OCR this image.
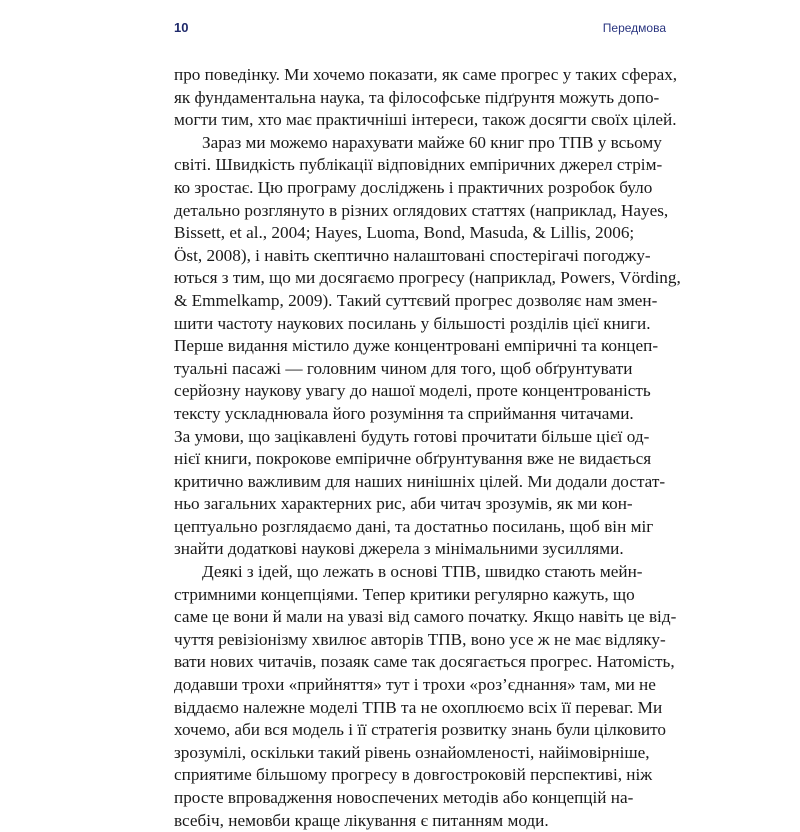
10	Передмова
про поведінку. Ми хочемо показати, як саме прогрес у таких сферах,
як фундаментальна наука, та філософське підґрунтя можуть допо-
могти тим, хто має практичніші інтереси, також досягти своїх цілей.
Зараз ми можемо нарахувати майже 60 книг про ТПВ у всьому
світі. Швидкість публікації відповідних емпіричних джерел стрім-
ко зростає. Цю програму досліджень і практичних розробок було
детально розглянуто в різних оглядових статтях (наприклад, Hayes,
Bissett, et al., 2004; Hayes, Luoma, Bond, Masuda, & Lillis, 2006;
Öst, 2008), і навіть скептично налаштовані спостерігачі погоджу-
ються з тим, що ми досягаємо прогресу (наприклад, Powers, Vörding,
& Emmelkamp, 2009). Такий суттєвий прогрес дозволяє нам змен-
шити частоту наукових посилань у більшості розділів цієї книги.
Перше видання містило дуже концентровані емпіричні та концеп-
туальні пасажі — головним чином для того, щоб обґрунтувати
серйозну наукову увагу до нашої моделі, проте концентрованість
тексту ускладнювала його розуміння та сприймання читачами.
За умови, що зацікавлені будуть готові прочитати більше цієї од-
нієї книги, покрокове емпіричне обґрунтування вже не видається
критично важливим для наших нинішніх цілей. Ми додали достат-
ньо загальних характерних рис, аби читач зрозумів, як ми кон-
цептуально розглядаємо дані, та достатньо посилань, щоб він міг
знайти додаткові наукові джерела з мінімальними зусиллями.
Деякі з ідей, що лежать в основі ТПВ, швидко стають мейн-
стримними концепціями. Тепер критики регулярно кажуть, що
саме це вони й мали на увазі від самого початку. Якщо навіть це від-
чуття ревізіонізму хвилює авторів ТПВ, воно усе ж не має відляку-
вати нових читачів, позаяк саме так досягається прогрес. Натомість,
додавши трохи «прийняття» тут і трохи «роз’єднання» там, ми не
віддаємо належне моделі ТПВ та не охоплюємо всіх її переваг. Ми
хочемо, аби вся модель і її стратегія розвитку знань були цілковито
зрозумілі, оскільки такий рівень ознайомленості, найімовірніше,
сприятиме більшому прогресу в довгостроковій перспективі, ніж
просте впровадження новоспечених методів або концепцій на-
всебіч, немовби краще лікування є питанням моди.
